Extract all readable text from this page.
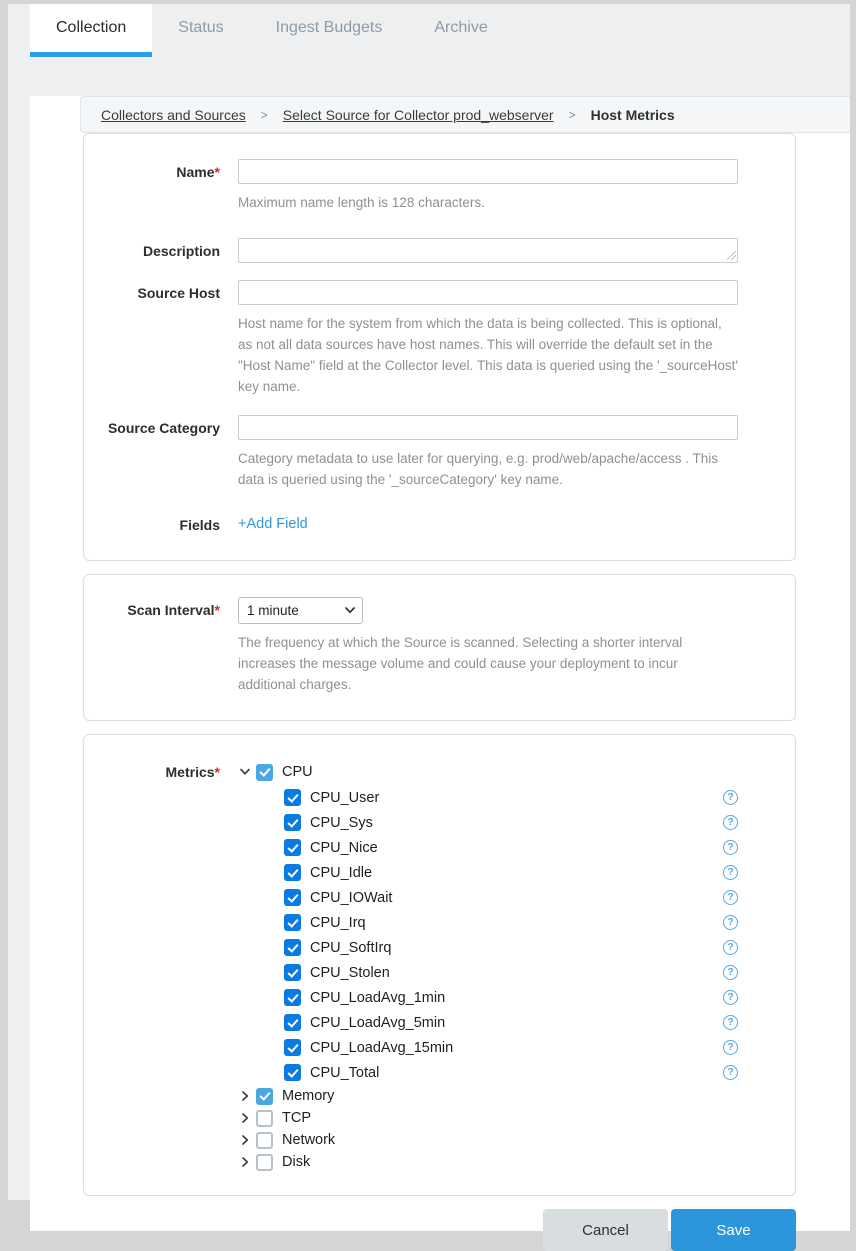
Collection	Status	Ingest Budgets	Archive
Collectors and Sources > Select Source for Collector prod_webserver > Host Metrics
Name*
Maximum name length is 128 characters.
Description
Source Host
Host name for the system from which the data is being collected. This is optional, as not all data sources have host names. This will override the default set in the "Host Name" field at the Collector level. This data is queried using the '_sourceHost' key name.
Source Category
Category metadata to use later for querying, e.g. prod/web/apache/access . This data is queried using the '_sourceCategory' key name.
Fields +Add Field
Scan Interval*
1 minute
The frequency at which the Source is scanned. Selecting a shorter interval increases the message volume and could cause your deployment to incur additional charges.
Metrics*	CPU
CPU_User	?
CPU_Sys	?
CPU_Nice	?
CPU_Idle	?
CPU_IOWait	?
CPU_Irq	?
CPU_SoftIrq	?
CPU_Stolen	?
CPU_LoadAvg_1min	?
CPU_LoadAvg_5min	?
CPU_LoadAvg_15min	?
CPU_Total	?
Memory
TCP
Network
Disk
Cancel	Save
